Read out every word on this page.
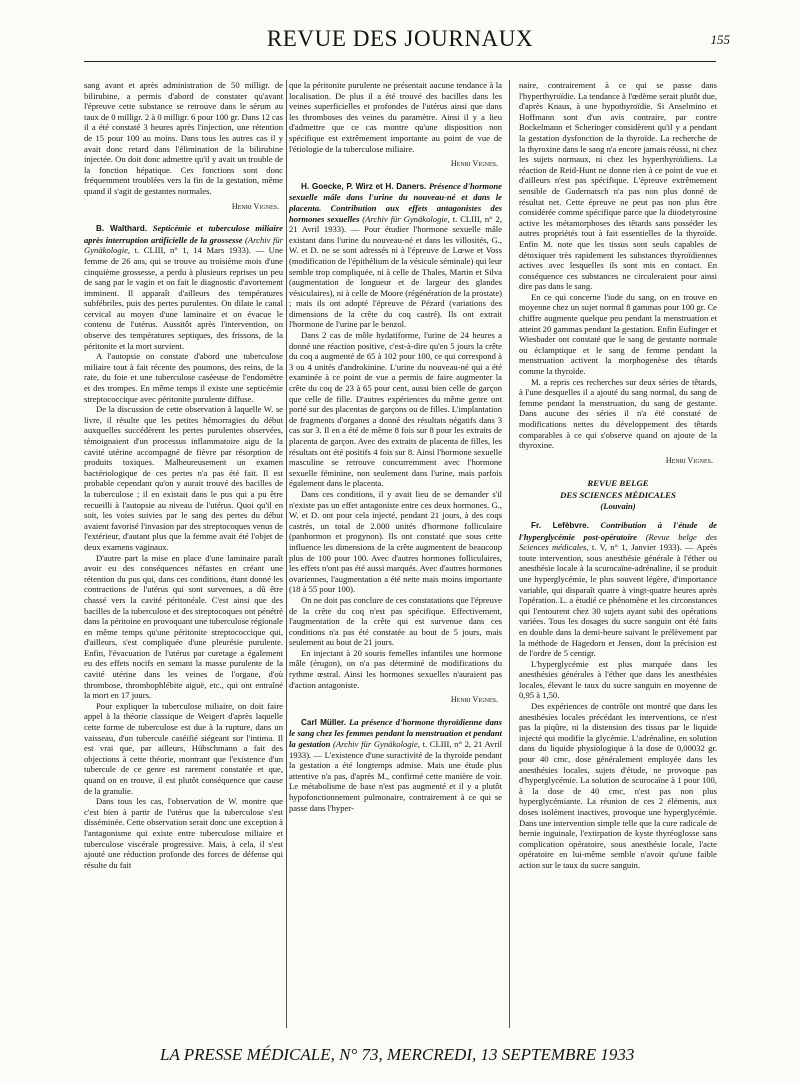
REVUE DES JOURNAUX	155

sang avant et après administration de 50 milligr. de bilirubine, a permis d'abord de constater qu'avant l'épreuve cette substance se retrouve dans le sérum au taux de 0 milligr. 2 à 0 milligr. 6 pour 100 gr. Dans 12 cas il a été constaté 3 heures après l'injection, une rétention de 15 pour 100 au moins. Dans tous les autres cas il y avait donc retard dans l'élimination de la bilirubine injectée. On doit donc admettre qu'il y avait un trouble de la fonction hépatique. Ces fonctions sont donc fréquemment troublées vers la fin de la gestation, même quand il s'agit de gestantes normales.

Henri Vignes.

B. Walthard. Septicémie et tuberculose miliaire après interruption artificielle de la grossesse (Archiv für Gynäkologie, t. CLIII, n° 1, 14 Mars 1933). — Une femme de 26 ans, qui se trouve au troisième mois d'une cinquième grossesse, a perdu à plusieurs reprises un peu de sang par le vagin et on fait le diagnostic d'avortement imminent. Il apparaît d'ailleurs des températures subfébriles, puis des pertes purulentes. On dilate le canal cervical au moyen d'une laminaire et on évacue le contenu de l'utérus. Aussitôt après l'intervention, on observe des températures septiques, des frissons, de la péritonite et la mort survient.

A l'autopsie on constate d'abord une tuberculose miliaire tout à fait récente des poumons, des reins, de la rate, du foie et une tuberculose caséeuse de l'endomètre et des trompes. En même temps il existe une septicémie streptococcique avec péritonite purulente diffuse.

De la discussion de cette observation à laquelle W. se livre, il résulte que les petites hémorragies du début auxquelles succédèrent les pertes purulentes observées, témoignaient d'un processus inflammatoire aigu de la cavité utérine accompagné de fièvre par résorption de produits toxiques. Malheureusement un examen bactériologique de ces pertes n'a pas été fait. Il est probable cependant qu'on y aurait trouvé des bacilles de la tuberculose ; il en existait dans le pus qui a pu être recueilli à l'autopsie au niveau de l'utérus. Quoi qu'il en soit, les voies suivies par le sang des pertes du début avaient favorisé l'invasion par des streptocoques venus de l'extérieur, d'autant plus que la femme avait été l'objet de deux examens vaginaux.

D'autre part la mise en place d'une laminaire paraît avoir eu des conséquences néfastes en créant une rétention du pus qui, dans ces conditions, étant donné les contractions de l'utérus qui sont survenues, a dû être chassé vers la cavité péritonéale. C'est ainsi que des bacilles de la tuberculose et des streptocoques ont pénétré dans la péritoine en provoquant une tuberculose régionale en même temps qu'une péritonite streptococcique qui, d'ailleurs, s'est compliquée d'une pleurésie purulente. Enfin, l'évacuation de l'utérus par curetage a également eu des effets nocifs en semant la masse purulente de la cavité utérine dans les veines de l'organe, d'où thrombose, thrombophlébite aiguë, etc., qui ont entraîné la mort en 17 jours.

Pour expliquer la tuberculose miliaire, on doit faire appel à la théorie classique de Weigert d'après laquelle cette forme de tuberculose est due à la rupture, dans un vaisseau, d'un tubercule caséifié siégeant sur l'intima. Il est vrai que, par ailleurs, Hübschmann a fait des objections à cette théorie, montrant que l'existence d'un tubercule de ce genre est rarement constatée et que, quand on en trouve, il est plutôt conséquence que cause de la granulie.

Dans tous les cas, l'observation de W. montre que c'est bien à partir de l'utérus que la tuberculose s'est disséminée. Cette observation serait donc une exception à l'antagonisme qui existe entre tuberculose miliaire et tuberculose viscérale progressive. Mais, à cela, il s'est ajouté une réduction profonde des forces de défense qui résulte du fait

que la péritonite purulente ne présentait aucune tendance à la localisation. De plus il a été trouvé des bacilles dans les veines superficielles et profondes de l'utérus ainsi que dans les thromboses des veines du paramètre. Ainsi il y a lieu d'admettre que ce cas montre qu'une disposition non spécifique est extrêmement importante au point de vue de l'étiologie de la tuberculose miliaire.

Henri Vignes.

H. Goecke, P. Wirz et H. Daners. Présence d'hormone sexuelle mâle dans l'urine du nouveau-né et dans le placenta. Contribution aux effets antagonistes des hormones sexuelles (Archiv für Gynäkologie, t. CLIII, n° 2, 21 Avril 1933). — Pour étudier l'hormone sexuelle mâle existant dans l'urine du nouveau-né et dans les villosités, G., W. et D. ne se sont adressés ni à l'épreuve de Lœwe et Voss (modification de l'épithélium de la vésicule séminale) qui leur semble trop compliquée, ni à celle de Thales, Martin et Silva (augmentation de longueur et de largeur des glandes vésiculaires), ni à celle de Moore (régénération de la prostate) ; mais ils ont adopté l'épreuve de Pézard (variations des dimensions de la crête du coq castré). Ils ont extrait l'hormone de l'urine par le benzol.

Dans 2 cas de môle hydatiforme, l'urine de 24 heures a donné une réaction positive, c'est-à-dire qu'en 5 jours la crête du coq a augmenté de 65 à 102 pour 100, ce qui correspond à 3 ou 4 unités d'androkinine. L'urine du nouveau-né qui a été examinée à ce point de vue a permis de faire augmenter la crête du coq de 23 à 65 pour cent, aussi bien celle de garçon que celle de fille. D'autres expériences du même genre ont porté sur des placentas de garçons ou de filles. L'implantation de fragments d'organes a donné des résultats négatifs dans 3 cas sur 3. Il en a été de même 8 fois sur 8 pour les extraits de placenta de garçon. Avec des extraits de placenta de filles, les résultats ont été positifs 4 fois sur 8. Ainsi l'hormone sexuelle masculine se retrouve concurremment avec l'hormone sexuelle féminine, non seulement dans l'urine, mais parfois également dans le placenta.

Dans ces conditions, il y avait lieu de se demander s'il n'existe pas un effet antagoniste entre ces deux hormones. G., W. et D. ont pour cela injecté, pendant 21 jours, à des coqs castrés, un total de 2.000 unités d'hormone folliculaire (panhormon et progynon). Ils ont constaté que sous cette influence les dimensions de la crête augmentent de beaucoup plus de 100 pour 100. Avec d'autres hormones folliculaires, les effets n'ont pas été aussi marqués. Avec d'autres hormones ovariennes, l'augmentation a été nette mais moins importante (18 à 55 pour 100).

On ne doit pas conclure de ces constatations que l'épreuve de la crête du coq n'est pas spécifique. Effectivement, l'augmentation de la crête qui est survenue dans ces conditions n'a pas été constatée au bout de 5 jours, mais seulement au bout de 21 jours.

En injectant à 20 souris femelles infantiles une hormone mâle (érugon), on n'a pas déterminé de modifications du rythme œstral. Ainsi les hormones sexuelles n'auraient pas d'action antagoniste.

Henri Vignes.

Carl Müller. La présence d'hormone thyroïdienne dans le sang chez les femmes pendant la menstruation et pendant la gestation (Archiv für Gynäkologie, t. CLIII, n° 2, 21 Avril 1933). — L'existence d'une suractivité de la thyroïde pendant la gestation a été longtemps admise. Mais une étude plus attentive n'a pas, d'après M., confirmé cette manière de voir. Le métabolisme de base n'est pas augmenté et il y a plutôt hypofonctionnement pulmonaire, contrairement à ce qui se passe dans l'hyper-

naire, contrairement à ce qui se passe dans l'hyperthyroïdie. La tendance à l'œdème serait plutôt due, d'après Knaus, à une hypothyroïdie. Si Anselmino et Hoffmann sont d'un avis contraire, par contre Bockelmann et Scheringer considèrent qu'il y a pendant la gestation dysfonction de la thyroïde. La recherche de la thyroxine dans le sang n'a encore jamais réussi, ni chez les sujets normaux, ni chez les hyperthyroïdiens. La réaction de Reid-Hunt ne donne rien à ce point de vue et d'ailleurs n'est pas spécifique. L'épreuve extrêmement sensible de Gudernatsch n'a pas non plus donné de résultat net. Cette épreuve ne peut pas non plus être considérée comme spécifique parce que la diiodetyrosine active les métamorphoses des têtards sans posséder les autres propriétés tout à fait essentielles de la thyroïde. Enfin M. note que les tissus sont seuls capables de détoxiquer très rapidement les substances thyroïdiennes actives avec lesquelles ils sont mis en contact. En conséquence ces substances ne circuleraient pour ainsi dire pas dans le sang.

En ce qui concerne l'iode du sang, on en trouve en moyenne chez un sujet normal 8 gammas pour 100 gr. Ce chiffre augmente quelque peu pendant la menstruation et atteint 20 gammas pendant la gestation. Enfin Eufinger et Wiesbader ont constaté que le sang de gestante normale ou éclamptique et le sang de femme pendant la menstruation activent la morphogenèse des têtards comme la thyroïde.

M. a repris ces recherches sur deux séries de têtards, à l'une desquelles il a ajouté du sang normal, du sang de femme pendant la menstruation, du sang de gestante. Dans aucune des séries il n'a été constaté de modifications nettes du développement des têtards comparables à ce qui s'observe quand on ajoute de la thyroxine.

Henri Vignes.
REVUE BELGE
DES SCIENCES MÉDICALES
(Louvain)

Fr. Lefèbvre. Contribution à l'étude de l'hyperglycémie post-opératoire (Revue belge des Sciences médicales, t. V, n° 1, Janvier 1933). — Après toute intervention, sous anesthésie générale à l'éther ou anesthésie locale à la scurocaïne-adrénaline, il se produit une hyperglycémie, le plus souvent légère, d'importance variable, qui disparaît quatre à vingt-quatre heures après l'opération. L. a étudié ce phénomène et les circonstances qui l'entourent chez 30 sujets ayant subi des opérations variées. Tous les dosages du sucre sanguin ont été faits en double dans la demi-heure suivant le prélèvement par la méthode de Hagedorn et Jensen, dont la précision est de l'ordre de 5 centigr.

L'hyperglycémie est plus marquée dans les anesthésies générales à l'éther que dans les anesthésies locales, élevant le taux du sucre sanguin en moyenne de 0,95 à 1,50.

Des expériences de contrôle ont montré que dans les anesthésies locales précédant les interventions, ce n'est pas la piqûre, ni la distension des tissus par le liquide injecté qui modifie la glycémie. L'adrénaline, en solution dans du liquide physiologique à la dose de 0,00032 gr. pour 40 cmc, dose généralement employée dans les anesthésies locales, sujets d'étude, ne provoque pas d'hyperglycémie. La solution de scurocaïne à 1 pour 100, à la dose de 40 cmc, n'est pas non plus hyperglycémiante. La réunion de ces 2 éléments, aux doses isolément inactives, provoque une hyperglycémie. Dans une intervention simple telle que la cure radicale de hernie inguinale, l'extirpation de kyste thyréoglosse sans complication opératoire, sous anesthésie locale, l'acte opératoire en lui-même semble n'avoir qu'une faible action sur le taux du sucre sanguin.

LA PRESSE MÉDICALE, N° 73, MERCREDI, 13 SEPTEMBRE 1933
